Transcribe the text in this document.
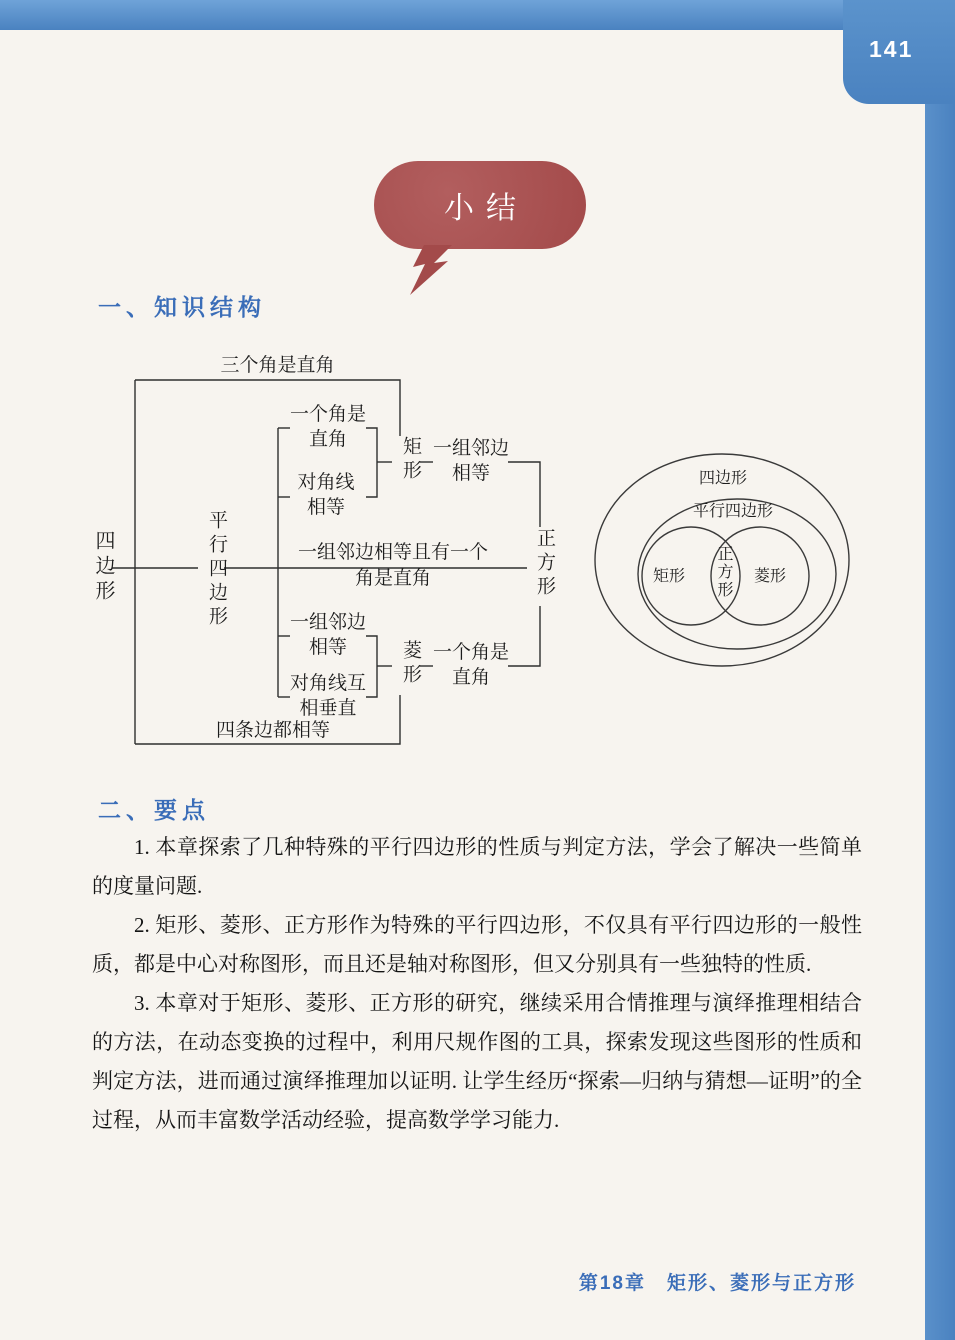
141
小结
一、知识结构
二、要点
四边形
三个角是直角
平行四边形
一个角是
直角
对角线
相等
矩形 一组邻边
相等
一组邻边相等且有一个
角是直角	正方形
一组邻边
相等
对角线互
相垂直
菱形 一个角是
直角
四条边都相等
四边形
平行四边形
矩形	菱形
正方形

1. 本章探索了几种特殊的平行四边形的性质与判定方法，学会了解决一些简单的度量问题.

2. 矩形、菱形、正方形作为特殊的平行四边形，不仅具有平行四边形的一般性质，都是中心对称图形，而且还是轴对称图形，但又分别具有一些独特的性质.

3. 本章对于矩形、菱形、正方形的研究，继续采用合情推理与演绎推理相结合的方法，在动态变换的过程中，利用尺规作图的工具，探索发现这些图形的性质和判定方法，进而通过演绎推理加以证明. 让学生经历“探索—归纳与猜想—证明”的全过程，从而丰富数学活动经验，提高数学学习能力.

第18章　矩形、菱形与正方形
